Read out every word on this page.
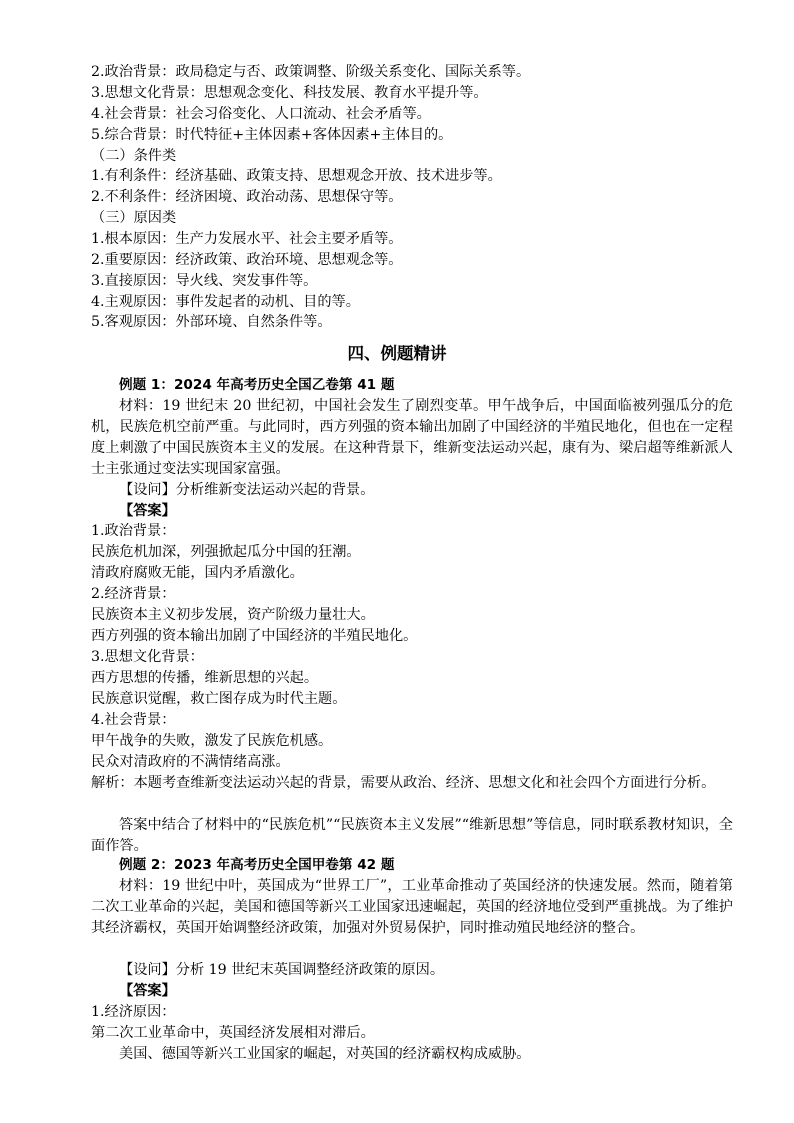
2.政治背景：政局稳定与否、政策调整、阶级关系变化、国际关系等。
3.思想文化背景：思想观念变化、科技发展、教育水平提升等。
4.社会背景：社会习俗变化、人口流动、社会矛盾等。
5.综合背景：时代特征+主体因素+客体因素+主体目的。
（二）条件类
1.有利条件：经济基础、政策支持、思想观念开放、技术进步等。
2.不利条件：经济困境、政治动荡、思想保守等。
（三）原因类
1.根本原因：生产力发展水平、社会主要矛盾等。
2.重要原因：经济政策、政治环境、思想观念等。
3.直接原因：导火线、突发事件等。
4.主观原因：事件发起者的动机、目的等。
5.客观原因：外部环境、自然条件等。
四、例题精讲
例题 1：2024 年高考历史全国乙卷第 41 题
材料：19 世纪末 20 世纪初，中国社会发生了剧烈变革。甲午战争后，中国面临被列强瓜分的危机，民族危机空前严重。与此同时，西方列强的资本输出加剧了中国经济的半殖民地化，但也在一定程度上刺激了中国民族资本主义的发展。在这种背景下，维新变法运动兴起，康有为、梁启超等维新派人士主张通过变法实现国家富强。
【设问】分析维新变法运动兴起的背景。
【答案】
1.政治背景：
民族危机加深，列强掀起瓜分中国的狂潮。
清政府腐败无能，国内矛盾激化。
2.经济背景：
民族资本主义初步发展，资产阶级力量壮大。
西方列强的资本输出加剧了中国经济的半殖民地化。
3.思想文化背景：
西方思想的传播，维新思想的兴起。
民族意识觉醒，救亡图存成为时代主题。
4.社会背景：
甲午战争的失败，激发了民族危机感。
民众对清政府的不满情绪高涨。
解析：本题考查维新变法运动兴起的背景，需要从政治、经济、思想文化和社会四个方面进行分析。
答案中结合了材料中的“民族危机”“民族资本主义发展”“维新思想”等信息，同时联系教材知识，全面作答。
例题 2：2023 年高考历史全国甲卷第 42 题
材料：19 世纪中叶，英国成为“世界工厂”，工业革命推动了英国经济的快速发展。然而，随着第二次工业革命的兴起，美国和德国等新兴工业国家迅速崛起，英国的经济地位受到严重挑战。为了维护其经济霸权，英国开始调整经济政策，加强对外贸易保护，同时推动殖民地经济的整合。
【设问】分析 19 世纪末英国调整经济政策的原因。
【答案】
1.经济原因：
第二次工业革命中，英国经济发展相对滞后。
美国、德国等新兴工业国家的崛起，对英国的经济霸权构成威胁。
